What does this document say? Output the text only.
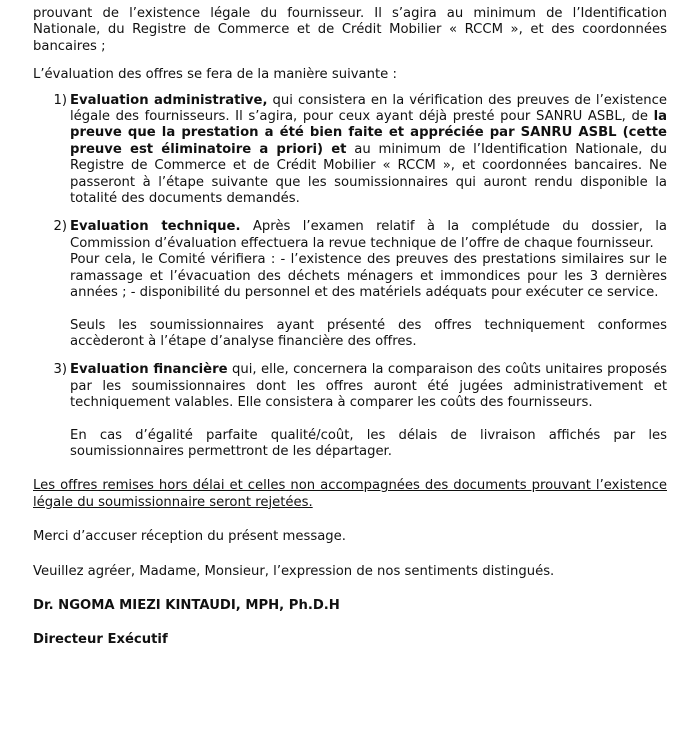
prouvant de l’existence légale du fournisseur. Il s’agira au minimum de l’Identification Nationale, du Registre de Commerce et de Crédit Mobilier « RCCM », et des coordonnées bancaires ;

L’évaluation des offres se fera de la manière suivante :

1) Evaluation administrative, qui consistera en la vérification des preuves de l’existence légale des fournisseurs. Il s’agira, pour ceux ayant déjà presté pour SANRU ASBL, de la preuve que la prestation a été bien faite et appréciée par SANRU ASBL (cette preuve est éliminatoire a priori) et au minimum de l’Identification Nationale, du Registre de Commerce et de Crédit Mobilier « RCCM », et coordonnées bancaires. Ne passeront à l’étape suivante que les soumissionnaires qui auront rendu disponible la totalité des documents demandés.

2) Evaluation technique. Après l’examen relatif à la complétude du dossier, la Commission d’évaluation effectuera la revue technique de l’offre de chaque fournisseur.

Pour cela, le Comité vérifiera : - l’existence des preuves des prestations similaires sur le ramassage et l’évacuation des déchets ménagers et immondices pour les 3 dernières années ; - disponibilité du personnel et des matériels adéquats pour exécuter ce service.

Seuls les soumissionnaires ayant présenté des offres techniquement conformes accèderont à l’étape d’analyse financière des offres.

3) Evaluation financière qui, elle, concernera la comparaison des coûts unitaires proposés par les soumissionnaires dont les offres auront été jugées administrativement et techniquement valables. Elle consistera à comparer les coûts des fournisseurs.

En cas d’égalité parfaite qualité/coût, les délais de livraison affichés par les soumissionnaires permettront de les départager.

Les offres remises hors délai et celles non accompagnées des documents prouvant l’existence légale du soumissionnaire seront rejetées.

Merci d’accuser réception du présent message.

Veuillez agréer, Madame, Monsieur, l’expression de nos sentiments distingués.

Dr. NGOMA MIEZI KINTAUDI, MPH, Ph.D.H

Directeur Exécutif
